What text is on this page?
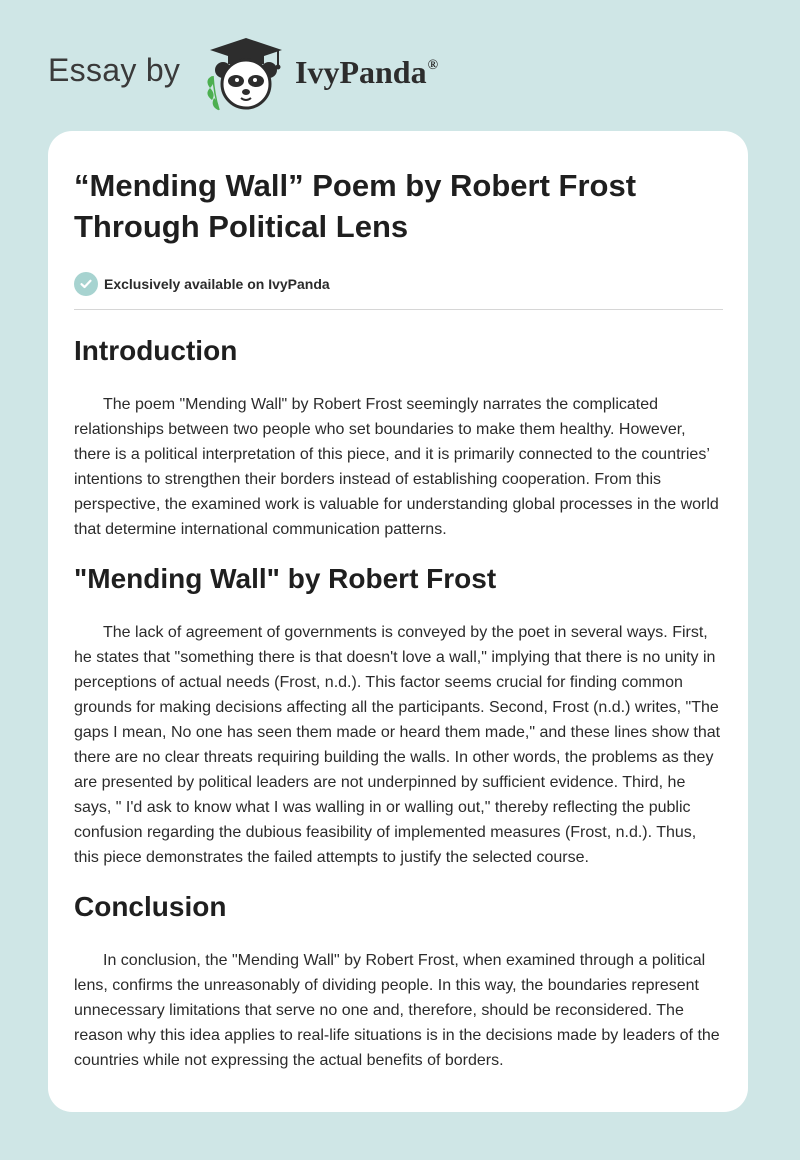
Essay by	IvyPanda®
“Mending Wall” Poem by Robert Frost Through Political Lens
Exclusively available on IvyPanda
Introduction

The poem "Mending Wall" by Robert Frost seemingly narrates the complicated relationships between two people who set boundaries to make them healthy. However, there is a political interpretation of this piece, and it is primarily connected to the countries’ intentions to strengthen their borders instead of establishing cooperation. From this perspective, the examined work is valuable for understanding global processes in the world that determine international communication patterns.

"Mending Wall" by Robert Frost

The lack of agreement of governments is conveyed by the poet in several ways. First, he states that "something there is that doesn't love a wall," implying that there is no unity in perceptions of actual needs (Frost, n.d.). This factor seems crucial for finding common grounds for making decisions affecting all the participants. Second, Frost (n.d.) writes, "The gaps I mean, No one has seen them made or heard them made," and these lines show that there are no clear threats requiring building the walls. In other words, the problems as they are presented by political leaders are not underpinned by sufficient evidence. Third, he says, " I'd ask to know what I was walling in or walling out," thereby reflecting the public confusion regarding the dubious feasibility of implemented measures (Frost, n.d.). Thus, this piece demonstrates the failed attempts to justify the selected course.

Conclusion

In conclusion, the "Mending Wall" by Robert Frost, when examined through a political lens, confirms the unreasonably of dividing people. In this way, the boundaries represent unnecessary limitations that serve no one and, therefore, should be reconsidered. The reason why this idea applies to real-life situations is in the decisions made by leaders of the countries while not expressing the actual benefits of borders.
